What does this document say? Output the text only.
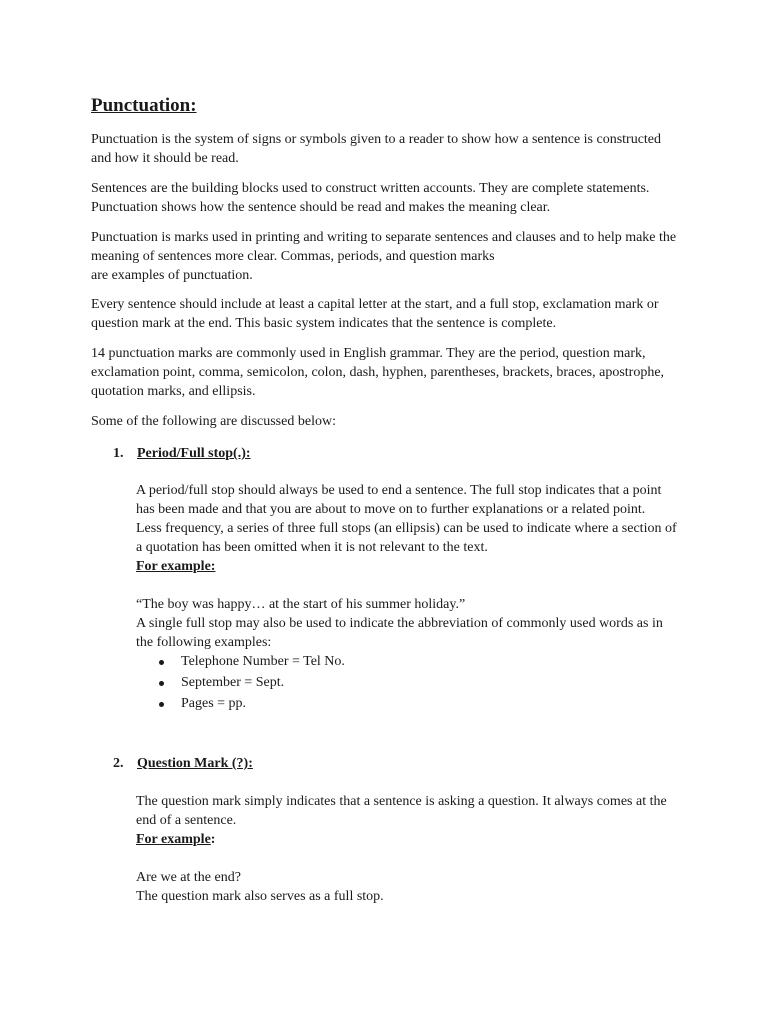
Punctuation:

Punctuation is the system of signs or symbols given to a reader to show how a sentence is constructed and how it should be read.

Sentences are the building blocks used to construct written accounts. They are complete statements. Punctuation shows how the sentence should be read and makes the meaning clear.

Punctuation is marks used in printing and writing to separate sentences and clauses and to help make the meaning of sentences more clear. Commas, periods, and question marks
are examples of punctuation.

Every sentence should include at least a capital letter at the start, and a full stop, exclamation mark or question mark at the end. This basic system indicates that the sentence is complete.

14 punctuation marks are commonly used in English grammar. They are the period, question mark, exclamation point, comma, semicolon, colon, dash, hyphen, parentheses, brackets, braces, apostrophe, quotation marks, and ellipsis.

Some of the following are discussed below:

1. Period/Full stop(.):

A period/full stop should always be used to end a sentence. The full stop indicates that a point has been made and that you are about to move on to further explanations or a related point.

Less frequency, a series of three full stops (an ellipsis) can be used to indicate where a section of a quotation has been omitted when it is not relevant to the text.

For example:

“The boy was happy… at the start of his summer holiday.”

A single full stop may also be used to indicate the abbreviation of commonly used words as in the following examples:

Telephone Number = Tel No.
September = Sept.
Pages = pp.
2. Question Mark (?):

The question mark simply indicates that a sentence is asking a question. It always comes at the end of a sentence.

For example:

Are we at the end?

The question mark also serves as a full stop.
